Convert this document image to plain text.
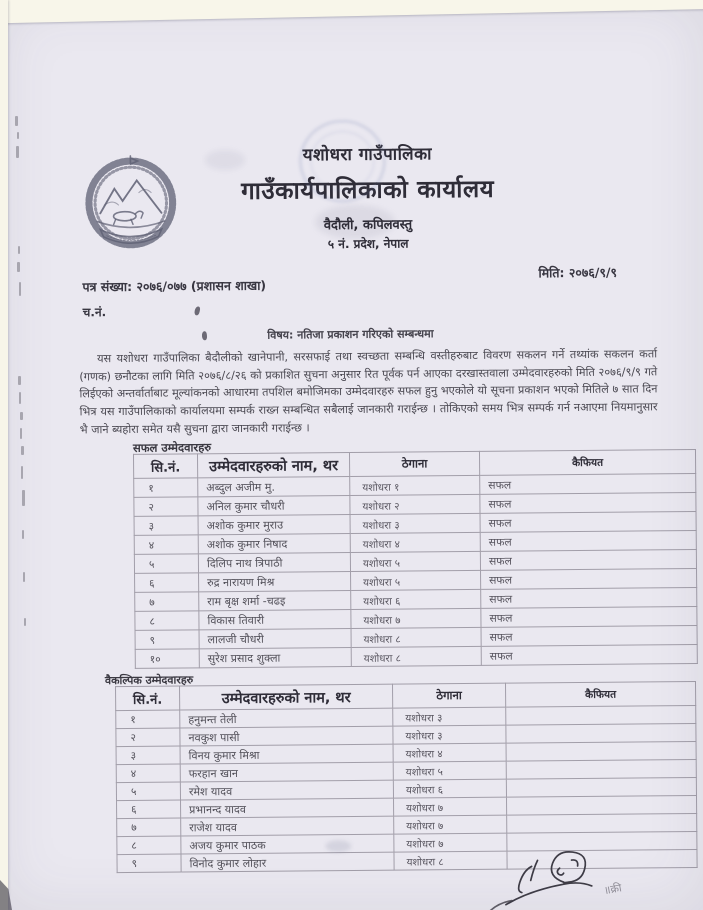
यशोधरा गाउँपालिका
गाउँकार्यपालिकाको कार्यालय
वैदौली, कपिलवस्तु
५ नं. प्रदेश, नेपाल
पत्र संख्या: २०७६/०७७ (प्रशासन शाखा)
मिति: २०७६/९/९
च.नं.
विषय: नतिजा प्रकाशन गरिएको सम्बन्धमा
यस यशोधरा गाउँपालिका बैदौलीको खानेपानी, सरसफाई तथा स्वच्छता सम्बन्धि वस्तीहरुबाट विवरण सकलन गर्ने तथ्यांक सकलन कर्ता (गणक) छनौटका लागि मिति २०७६/८/२६ को प्रकाशित सुचना अनुसार रित पूर्वक पर्न आएका दरखास्तवाला उम्मेदवारहरुको मिति २०७६/९/९ गते लिईएको अन्तर्वार्ताबाट मूल्यांकनको आधारमा तपशिल बमोजिमका उम्मेदवारहरु सफल हुनु भएकोले यो सूचना प्रकाशन भएको मितिले ७ सात दिन भित्र यस गाउँपालिकाको कार्यालयमा सम्पर्क राख्न सम्बन्धित सबैलाई जानकारी गराईन्छ । तोकिएको समय भित्र सम्पर्क गर्न नआएमा नियमानुसार भै जाने ब्यहोरा समेत यसै सुचना द्वारा जानकारी गराईन्छ ।
सफल उम्मेदवारहरु
सि.नं.	उम्मेदवारहरुको नाम, थर	ठेगाना	कैफियत
१	अब्दुल अजीम मु.	यशोधरा १	सफल
२	अनिल कुमार चौधरी	यशोधरा २	सफल
३	अशोक कुमार मुराउ	यशोधरा ३	सफल
४	अशोक कुमार निषाद	यशोधरा ४	सफल
५	दिलिप नाथ त्रिपाठी	यशोधरा ५	सफल
६	रुद्र नारायण मिश्र	यशोधरा ५	सफल
७	राम बृक्ष शर्मा -चढइ	यशोधरा ६	सफल
८	विकास तिवारी	यशोधरा ७	सफल
९	लालजी चौधरी	यशोधरा ८	सफल
१०	सुरेश प्रसाद शुक्ला	यशोधरा ८	सफल
वैकल्पिक उम्मेदवारहरु
सि.नं.	उम्मेदवारहरुको नाम, थर	ठेगाना	कैफियत
१	हनुमन्त तेली	यशोधरा ३	
२	नवकुश पासी	यशोधरा ३	
३	विनय कुमार मिश्रा	यशोधरा ४	
४	फरहान खान	यशोधरा ५	
५	रमेश यादव	यशोधरा ६	
६	प्रभानन्द यादव	यशोधरा ७	
७	राजेश यादव	यशोधरा ७	
८	अजय कुमार पाठक	यशोधरा ७	
९	विनोद कुमार लोहार	यशोधरा ८	
॥क्री
